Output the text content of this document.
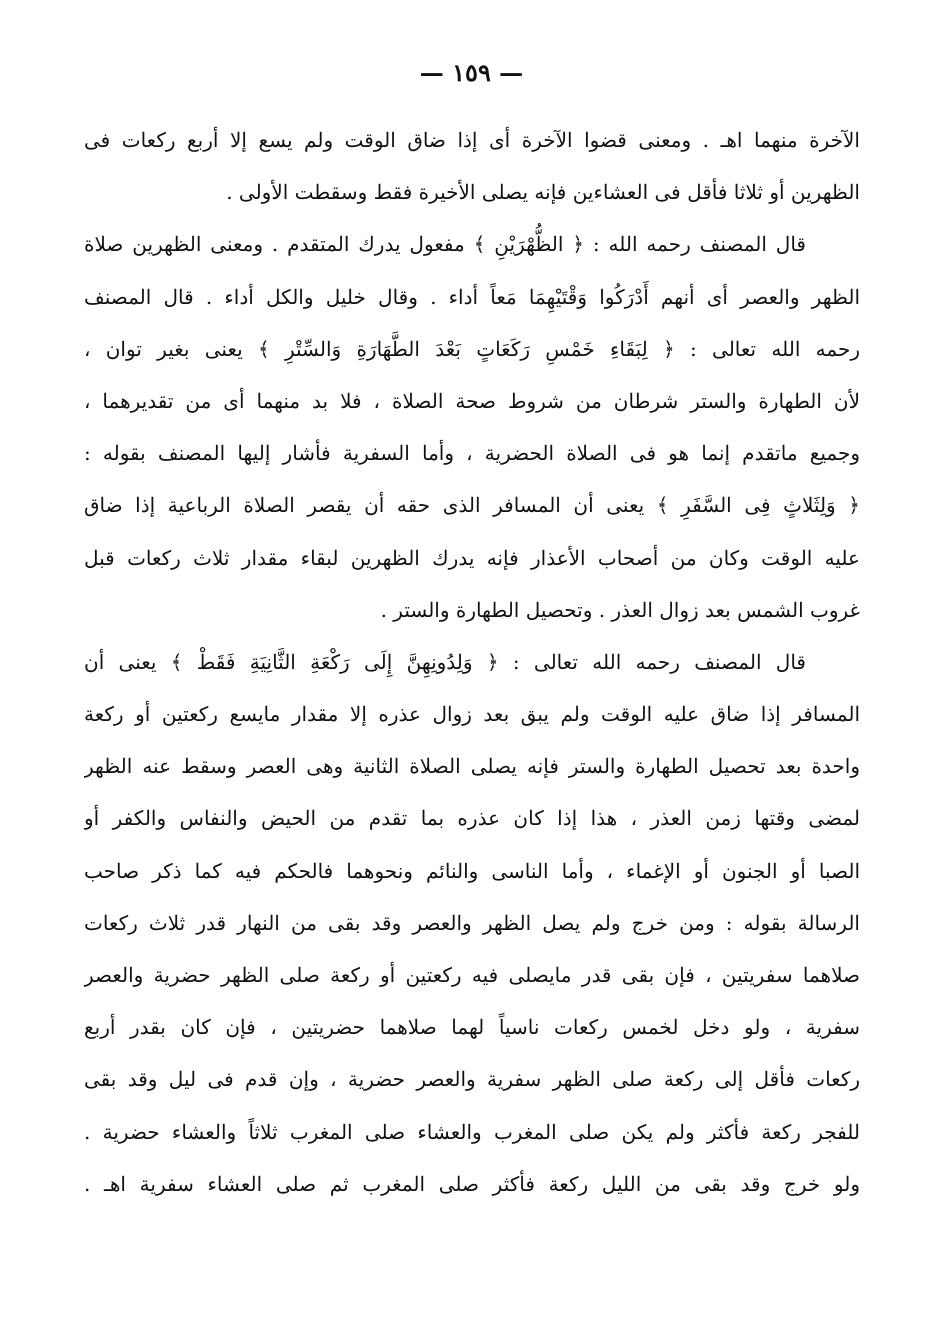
— ١٥٩ —
الآخرة منهما اهـ . ومعنى قضوا الآخرة أى إذا ضاق الوقت ولم يسع إلا أربع ركعات فى
الظهرين أو ثلاثا فأقل فى العشاءين فإنه يصلى الأخيرة فقط وسقطت الأولى .
قال المصنف رحمه الله : ﴿ الظُّهْرَيْنِ ﴾ مفعول يدرك المتقدم . ومعنى الظهرين صلاة
الظهر والعصر أى أنهم أَدْرَكُوا وَقْتَيْهِمَا مَعاً أداء . وقال خليل والكل أداء . قال المصنف
رحمه الله تعالى : ﴿ لِبَقَاءِ خَمْسِ رَكَعَاتٍ بَعْدَ الطَّهَارَةِ وَالسِّتْرِ ﴾ يعنى بغير توان ،
لأن الطهارة والستر شرطان من شروط صحة الصلاة ، فلا بد منهما أى من تقديرهما ،
وجميع ماتقدم إنما هو فى الصلاة الحضرية ، وأما السفرية فأشار إليها المصنف بقوله :
﴿ وَلِثَلاثٍ فِى السَّفَرِ ﴾ يعنى أن المسافر الذى حقه أن يقصر الصلاة الرباعية إذا ضاق
عليه الوقت وكان من أصحاب الأعذار فإنه يدرك الظهرين لبقاء مقدار ثلاث ركعات قبل
غروب الشمس بعد زوال العذر . وتحصيل الطهارة والستر .
قال المصنف رحمه الله تعالى : ﴿ وَلِدُونِهِنَّ إِلَى رَكْعَةِ الثَّانِيَةِ فَقَطْ ﴾ يعنى أن
المسافر إذا ضاق عليه الوقت ولم يبق بعد زوال عذره إلا مقدار مايسع ركعتين أو ركعة
واحدة بعد تحصيل الطهارة والستر فإنه يصلى الصلاة الثانية وهى العصر وسقط عنه الظهر
لمضى وقتها زمن العذر ، هذا إذا كان عذره بما تقدم من الحيض والنفاس والكفر أو
الصبا أو الجنون أو الإغماء ، وأما الناسى والنائم ونحوهما فالحكم فيه كما ذكر صاحب
الرسالة بقوله : ومن خرج ولم يصل الظهر والعصر وقد بقى من النهار قدر ثلاث ركعات
صلاهما سفريتين ، فإن بقى قدر مايصلى فيه ركعتين أو ركعة صلى الظهر حضرية والعصر
سفرية ، ولو دخل لخمس ركعات ناسياً لهما صلاهما حضريتين ، فإن كان بقدر أربع
ركعات فأقل إلى ركعة صلى الظهر سفرية والعصر حضرية ، وإن قدم فى ليل وقد بقى
للفجر ركعة فأكثر ولم يكن صلى المغرب والعشاء صلى المغرب ثلاثاً والعشاء حضرية .
ولو خرج وقد بقى من الليل ركعة فأكثر صلى المغرب ثم صلى العشاء سفرية اهـ .
